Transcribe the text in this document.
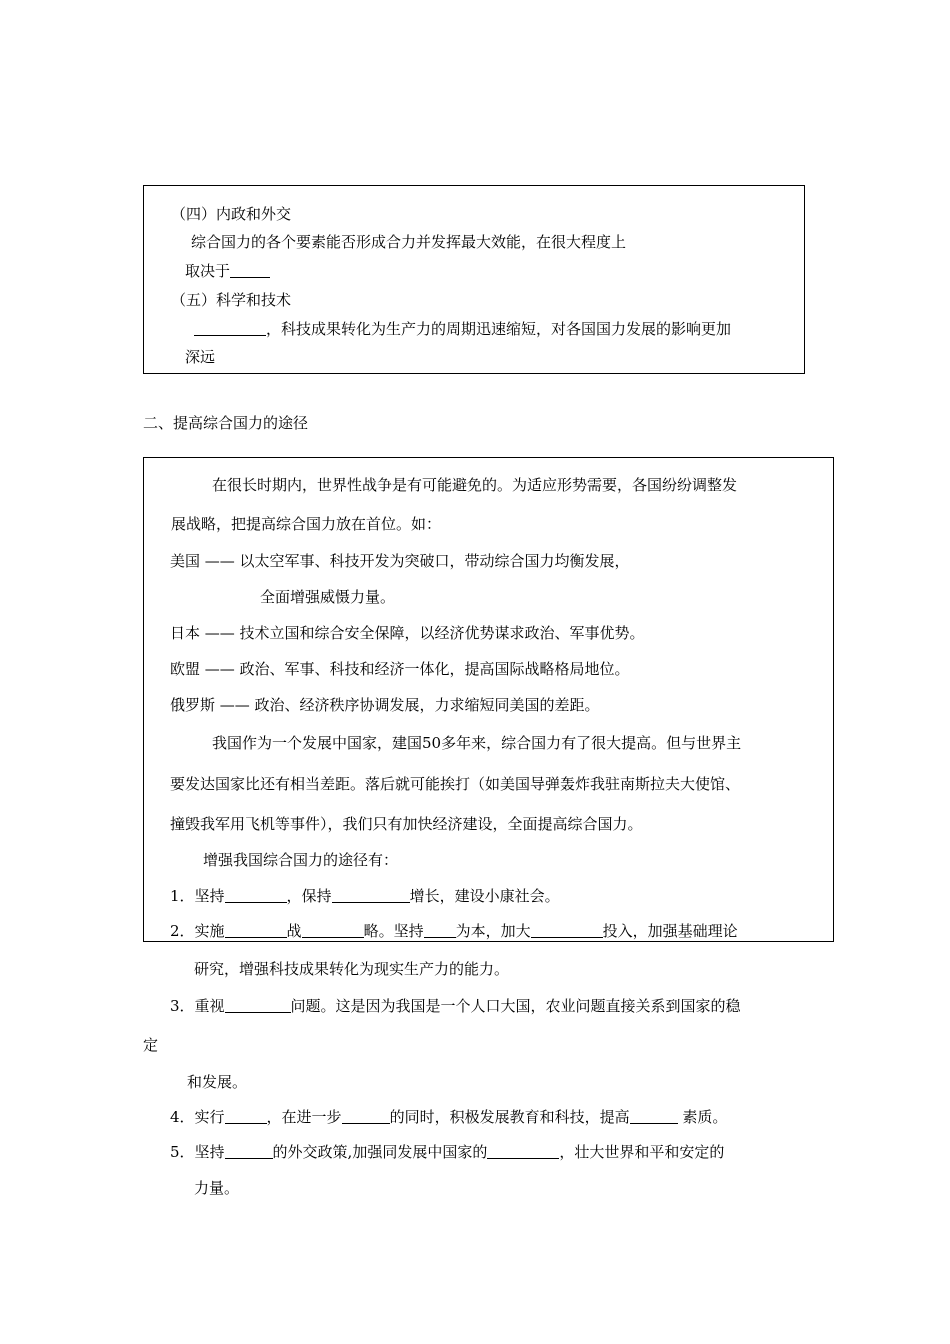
（四）内政和外交
综合国力的各个要素能否形成合力并发挥最大效能，在很大程度上
取决于
（五）科学和技术
，科技成果转化为生产力的周期迅速缩短，对各国国力发展的影响更加
深远
二、提高综合国力的途径
在很长时期内，世界性战争是有可能避免的。为适应形势需要，各国纷纷调整发
展战略，把提高综合国力放在首位。如：
美国 —— 以太空军事、科技开发为突破口，带动综合国力均衡发展，
全面增强威慑力量。
日本 —— 技术立国和综合安全保障，以经济优势谋求政治、军事优势。
欧盟 —— 政治、军事、科技和经济一体化，提高国际战略格局地位。
俄罗斯 —— 政治、经济秩序协调发展，力求缩短同美国的差距。
我国作为一个发展中国家，建国50多年来，综合国力有了很大提高。但与世界主
要发达国家比还有相当差距。落后就可能挨打（如美国导弹轰炸我驻南斯拉夫大使馆、
撞毁我军用飞机等事件），我们只有加快经济建设，全面提高综合国力。
增强我国综合国力的途径有：
1．坚持	，保持	增长，建设小康社会。
2．实施	战	略。坚持 为本，加大	投入，加强基础理论
研究，增强科技成果转化为现实生产力的能力。
3．重视	问题。这是因为我国是一个人口大国，农业问题直接关系到国家的稳
定
和发展。
4．实行	，在进一步	的同时，积极发展教育和科技，提高	素质。
5．坚持	的外交政策,加强同发展中国家的	，壮大世界和平和安定的
力量。
